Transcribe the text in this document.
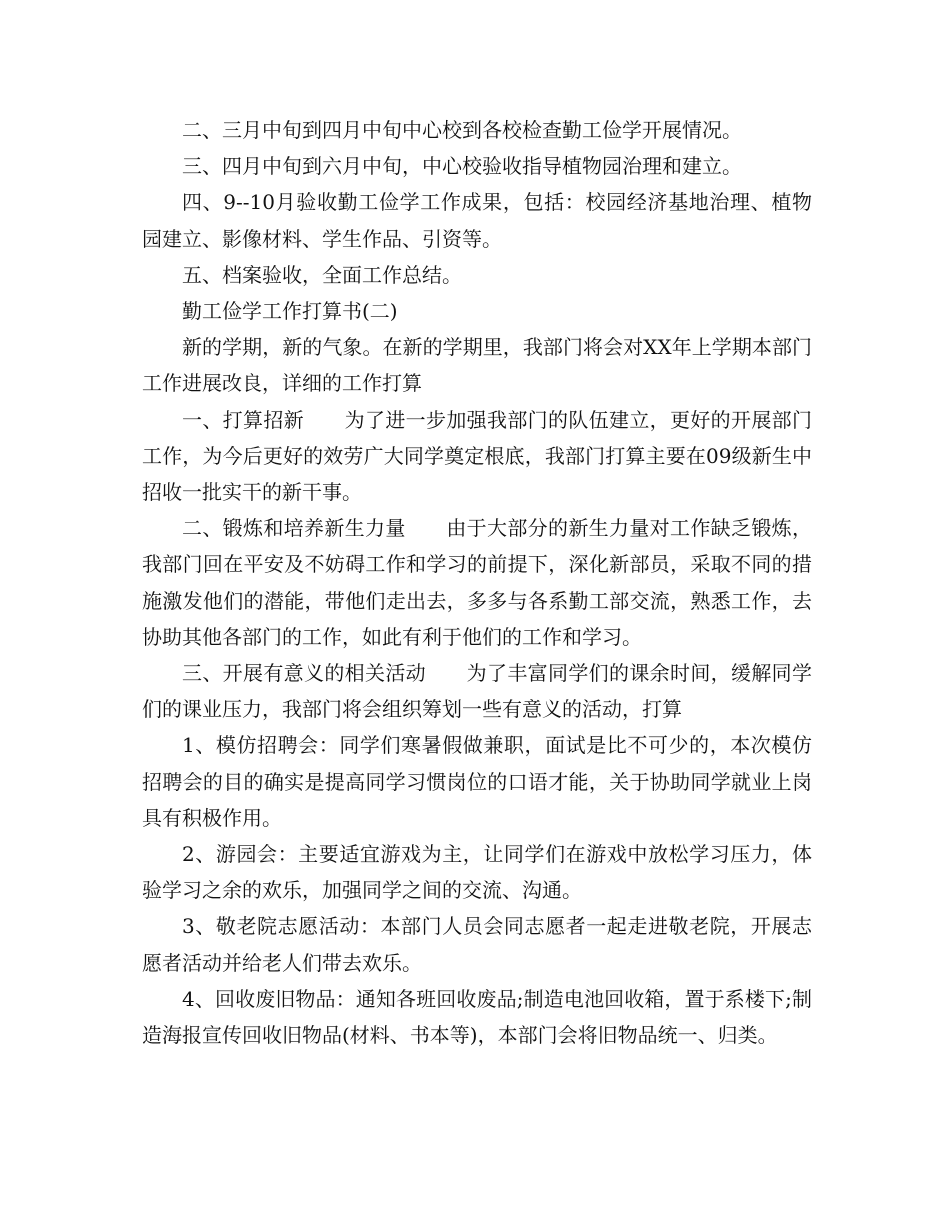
二、三月中旬到四月中旬中心校到各校检查勤工俭学开展情况。

三、四月中旬到六月中旬，中心校验收指导植物园治理和建立。

四、9--10月验收勤工俭学工作成果，包括：校园经济基地治理、植物园建立、影像材料、学生作品、引资等。

五、档案验收，全面工作总结。

勤工俭学工作打算书(二)

新的学期，新的气象。在新的学期里，我部门将会对XX年上学期本部门工作进展改良，详细的工作打算

一、打算招新　　为了进一步加强我部门的队伍建立，更好的开展部门工作，为今后更好的效劳广大同学奠定根底，我部门打算主要在09级新生中招收一批实干的新干事。

二、锻炼和培养新生力量　　由于大部分的新生力量对工作缺乏锻炼，我部门回在平安及不妨碍工作和学习的前提下，深化新部员，采取不同的措施激发他们的潜能，带他们走出去，多多与各系勤工部交流，熟悉工作，去协助其他各部门的工作，如此有利于他们的工作和学习。

三、开展有意义的相关活动　　为了丰富同学们的课余时间，缓解同学们的课业压力，我部门将会组织筹划一些有意义的活动，打算

1、模仿招聘会：同学们寒暑假做兼职，面试是比不可少的，本次模仿招聘会的目的确实是提高同学习惯岗位的口语才能，关于协助同学就业上岗具有积极作用。

2、游园会：主要适宜游戏为主，让同学们在游戏中放松学习压力，体验学习之余的欢乐，加强同学之间的交流、沟通。

3、敬老院志愿活动：本部门人员会同志愿者一起走进敬老院，开展志愿者活动并给老人们带去欢乐。

4、回收废旧物品：通知各班回收废品;制造电池回收箱，置于系楼下;制造海报宣传回收旧物品(材料、书本等)，本部门会将旧物品统一、归类。
